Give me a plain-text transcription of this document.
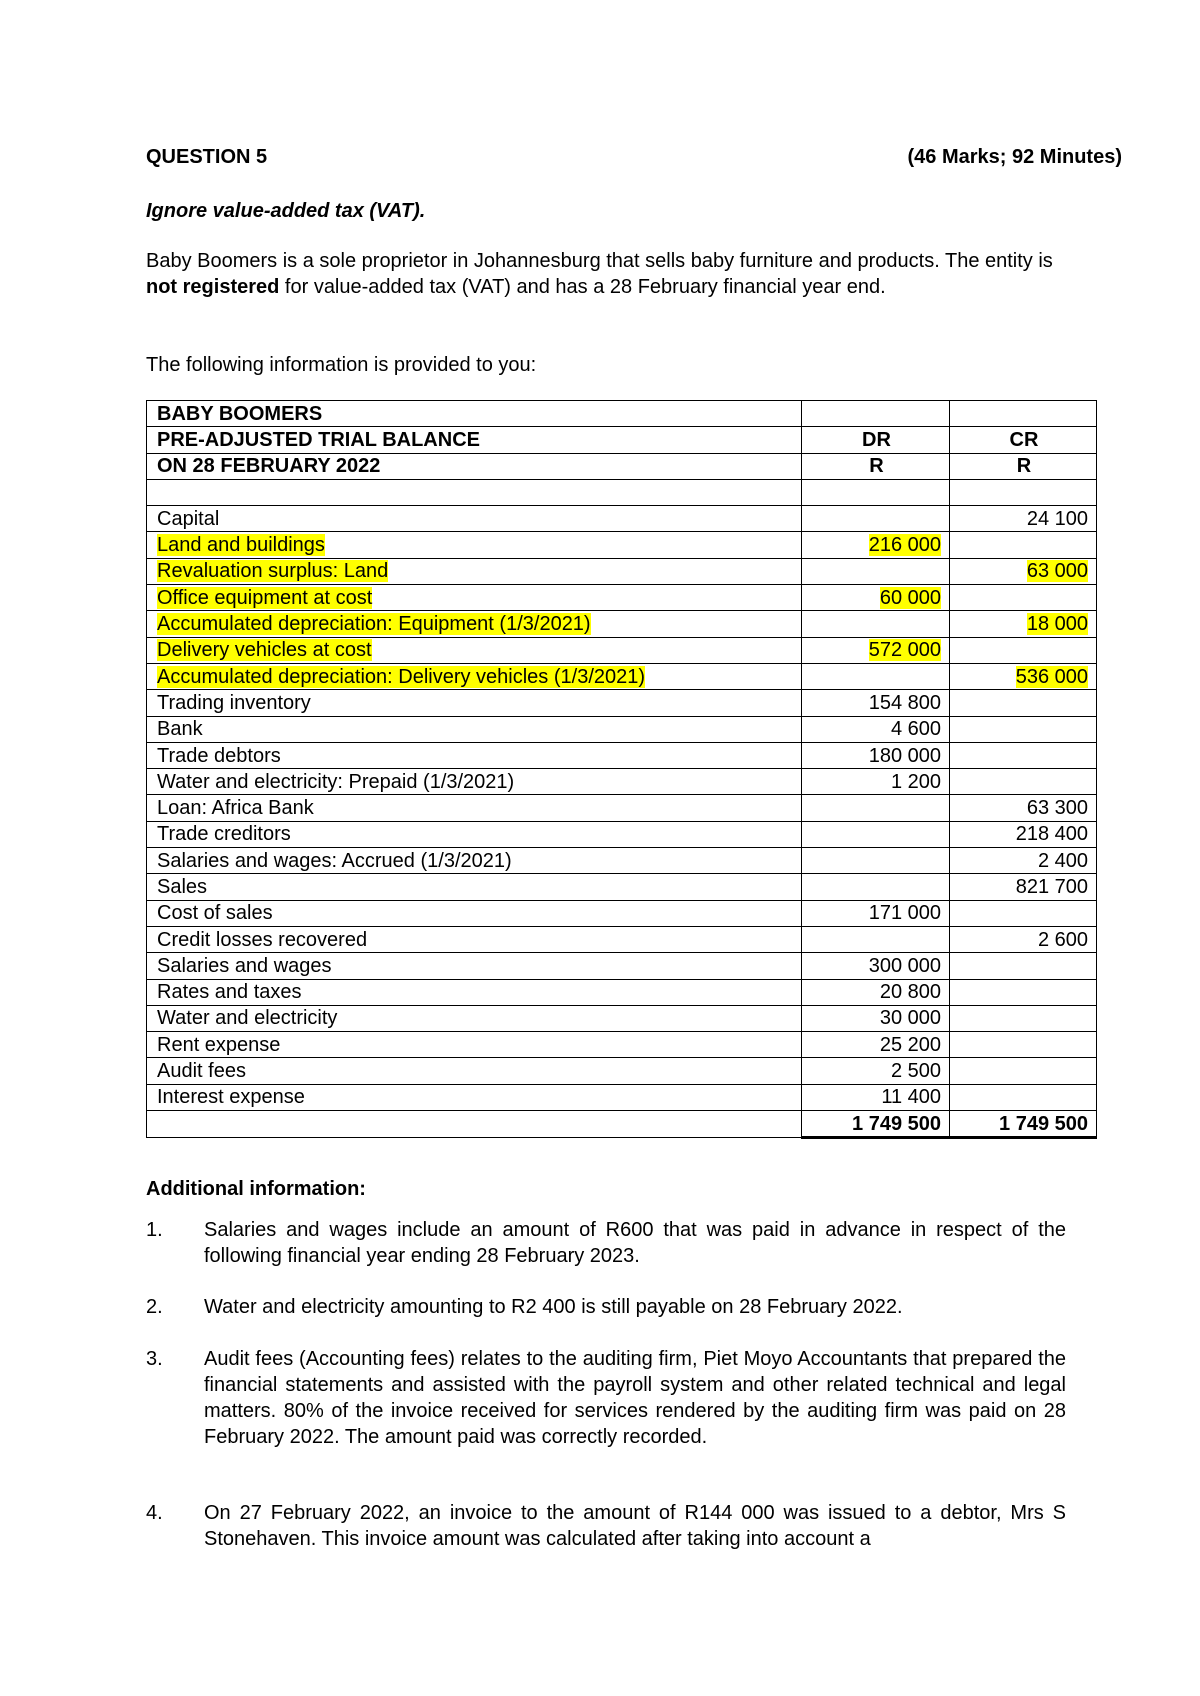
QUESTION 5	(46 Marks; 92 Minutes)
Ignore value-added tax (VAT).
Baby Boomers is a sole proprietor in Johannesburg that sells baby furniture and products. The entity is not registered for value-added tax (VAT) and has a 28 February financial year end.
The following information is provided to you:
BABY BOOMERS		
PRE-ADJUSTED TRIAL BALANCE	DR	CR
ON 28 FEBRUARY 2022	R	R

Capital		24 100
Land and buildings	216 000	
Revaluation surplus: Land		63 000
Office equipment at cost	60 000	
Accumulated depreciation: Equipment (1/3/2021)		18 000
Delivery vehicles at cost	572 000	
Accumulated depreciation: Delivery vehicles (1/3/2021)		536 000
Trading inventory	154 800	
Bank	4 600	
Trade debtors	180 000	
Water and electricity: Prepaid (1/3/2021)	1 200	
Loan: Africa Bank		63 300
Trade creditors		218 400
Salaries and wages: Accrued (1/3/2021)		2 400
Sales		821 700
Cost of sales	171 000	
Credit losses recovered		2 600
Salaries and wages	300 000	
Rates and taxes	20 800	
Water and electricity	30 000	
Rent expense	25 200	
Audit fees	2 500	
Interest expense	11 400	
	1 749 500	1 749 500
Additional information:
1.	Salaries and wages include an amount of R600 that was paid in advance in respect of the following financial year ending 28 February 2023.
2.	Water and electricity amounting to R2 400 is still payable on 28 February 2022.
3.	Audit fees (Accounting fees) relates to the auditing firm, Piet Moyo Accountants that prepared the financial statements and assisted with the payroll system and other related technical and legal matters. 80% of the invoice received for services rendered by the auditing firm was paid on 28 February 2022. The amount paid was correctly recorded.
4.	On 27 February 2022, an invoice to the amount of R144 000 was issued to a debtor, Mrs S Stonehaven. This invoice amount was calculated after taking into account a
